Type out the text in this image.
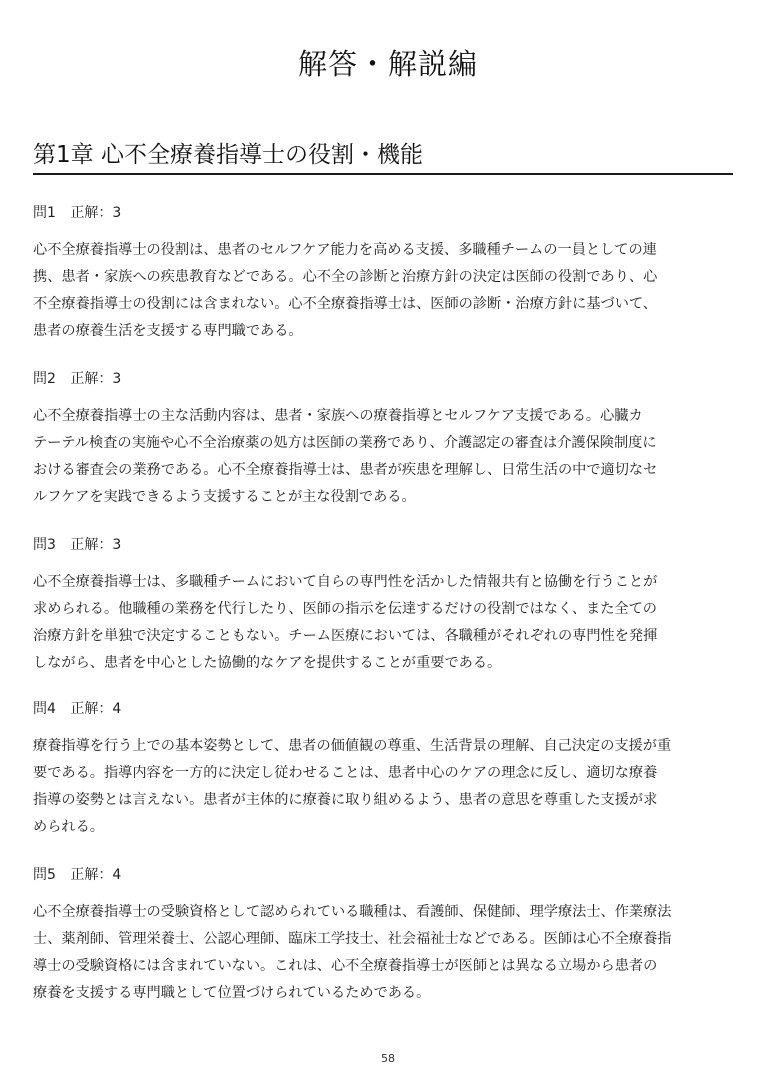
解答・解説編
第1章 心不全療養指導士の役割・機能
問1 正解：3
心不全療養指導士の役割は、患者のセルフケア能力を高める支援、多職種チームの一員としての連
携、患者・家族への疾患教育などである。心不全の診断と治療方針の決定は医師の役割であり、心
不全療養指導士の役割には含まれない。心不全療養指導士は、医師の診断・治療方針に基づいて、
患者の療養生活を支援する専門職である。
問2 正解：3
心不全療養指導士の主な活動内容は、患者・家族への療養指導とセルフケア支援である。心臓カ
テーテル検査の実施や心不全治療薬の処方は医師の業務であり、介護認定の審査は介護保険制度に
おける審査会の業務である。心不全療養指導士は、患者が疾患を理解し、日常生活の中で適切なセ
ルフケアを実践できるよう支援することが主な役割である。
問3 正解：3
心不全療養指導士は、多職種チームにおいて自らの専門性を活かした情報共有と協働を行うことが
求められる。他職種の業務を代行したり、医師の指示を伝達するだけの役割ではなく、また全ての
治療方針を単独で決定することもない。チーム医療においては、各職種がそれぞれの専門性を発揮
しながら、患者を中心とした協働的なケアを提供することが重要である。
問4 正解：4
療養指導を行う上での基本姿勢として、患者の価値観の尊重、生活背景の理解、自己決定の支援が重
要である。指導内容を一方的に決定し従わせることは、患者中心のケアの理念に反し、適切な療養
指導の姿勢とは言えない。患者が主体的に療養に取り組めるよう、患者の意思を尊重した支援が求
められる。
問5 正解：4
心不全療養指導士の受験資格として認められている職種は、看護師、保健師、理学療法士、作業療法
士、薬剤師、管理栄養士、公認心理師、臨床工学技士、社会福祉士などである。医師は心不全療養指
導士の受験資格には含まれていない。これは、心不全療養指導士が医師とは異なる立場から患者の
療養を支援する専門職として位置づけられているためである。
58
